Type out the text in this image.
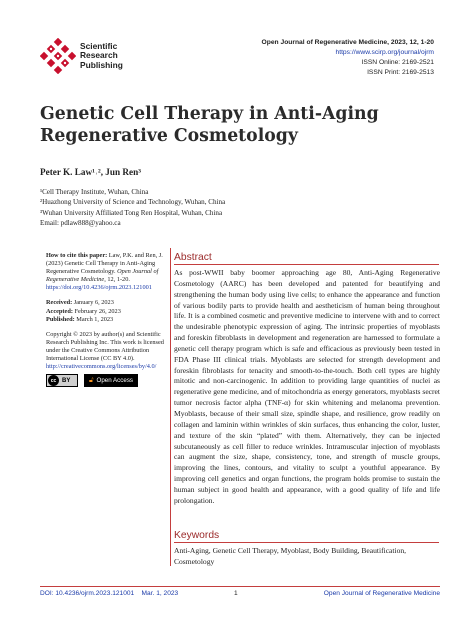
Scientific
Research
Publishing
Open Journal of Regenerative Medicine, 2023, 12, 1-20
https://www.scirp.org/journal/ojrm
ISSN Online: 2169-2521
ISSN Print: 2169-2513
Genetic Cell Therapy in Anti-Aging
Regenerative Cosmetology
Peter K. Law¹˒², Jun Ren³
¹Cell Therapy Institute, Wuhan, China
²Huazhong University of Science and Technology, Wuhan, China
³Wuhan University Affiliated Tong Ren Hospital, Wuhan, China
Email: pdlaw888@yahoo.ca
How to cite this paper: Law, P.K. and Ren, J. (2023) Genetic Cell Therapy in Anti-Aging Regenerative Cosmetology. Open Journal of Regenerative Medicine, 12, 1-20. https://doi.org/10.4236/ojrm.2023.121001
Received: January 6, 2023
Accepted: February 26, 2023
Published: March 1, 2023
Copyright © 2023 by author(s) and Scientific Research Publishing Inc. This work is licensed under the Creative Commons Attribution International License (CC BY 4.0). http://creativecommons.org/licenses/by/4.0/
cc BY	🔓︎ Open Access
Abstract
As post-WWII baby boomer approaching age 80, Anti-Aging Regenerative Cosmetology (AARC) has been developed and patented for beautifying and strengthening the human body using live cells; to enhance the appearance and function of various bodily parts to provide health and aestheticism of human being throughout life. It is a combined cosmetic and preventive medicine to intervene with and to correct the undesirable phenotypic expression of aging. The intrinsic properties of myoblasts and foreskin fibroblasts in development and regeneration are harnessed to formulate a genetic cell therapy program which is safe and efficacious as previously been tested in FDA Phase III clinical trials. Myoblasts are selected for strength development and foreskin fibroblasts for tenacity and smooth-to-the-touch. Both cell types are highly mitotic and non-carcinogenic. In addition to providing large quantities of nuclei as regenerative gene medicine, and of mitochondria as energy generators, myoblasts secret tumor necrosis factor alpha (TNF-α) for skin whitening and melanoma prevention. Myoblasts, because of their small size, spindle shape, and resilience, grow readily on collagen and laminin within wrinkles of skin surfaces, thus enhancing the color, luster, and texture of the skin “plated” with them. Alternatively, they can be injected subcutaneously as cell filler to reduce wrinkles. Intramuscular injection of myoblasts can augment the size, shape, consistency, tone, and strength of muscle groups, improving the lines, contours, and vitality to sculpt a youthful appearance. By improving cell genetics and organ functions, the program holds promise to sustain the human subject in good health and appearance, with a good quality of life and life prolongation.
Keywords
Anti-Aging, Genetic Cell Therapy, Myoblast, Body Building, Beautification, Cosmetology
DOI: 10.4236/ojrm.2023.121001 Mar. 1, 2023	1	Open Journal of Regenerative Medicine
